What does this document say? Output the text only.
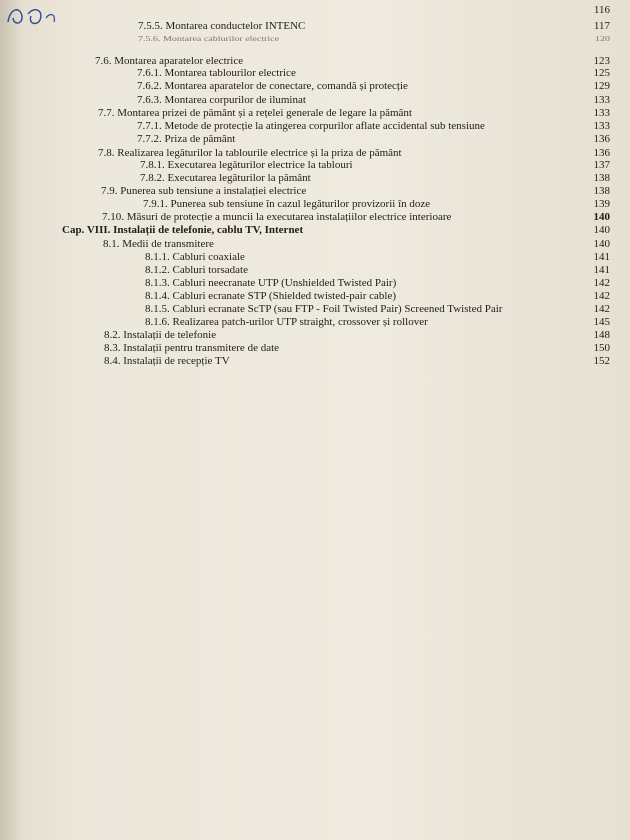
116
7.5.5. Montarea conductelor INTENC	117
7.5.6. Montarea cablurilor electrice	120
7.6. Montarea aparatelor electrice	123
7.6.1. Montarea tablourilor electrice	125
7.6.2. Montarea aparatelor de conectare, comandă și protecție	129
7.6.3. Montarea corpurilor de iluminat	133
7.7. Montarea prizei de pământ și a rețelei generale de legare la pământ	133
7.7.1. Metode de protecție la atingerea corpurilor aflate accidental sub tensiune	133
7.7.2. Priza de pământ	136
7.8. Realizarea legăturilor la tablourile electrice și la priza de pământ	136
7.8.1. Executarea legăturilor electrice la tablouri	137
7.8.2. Executarea legăturilor la pământ	138
7.9. Punerea sub tensiune a instalației electrice	138
7.9.1. Punerea sub tensiune în cazul legăturilor provizorii în doze	139
7.10. Măsuri de protecție a muncii la executarea instalațiilor electrice interioare	140
Cap. VIII. Instalații de telefonie, cablu TV, Internet	140
8.1. Medii de transmitere	140
8.1.1. Cabluri coaxiale	141
8.1.2. Cabluri torsadate	141
8.1.3. Cabluri neecranate UTP (Unshielded Twisted Pair)	142
8.1.4. Cabluri ecranate STP (Shielded twisted-pair cable)	142
8.1.5. Cabluri ecranate ScTP (sau FTP - Foil Twisted Pair) Screened Twisted Pair	142
8.1.6. Realizarea patch-urilor UTP straight, crossover și rollover	145
8.2. Instalații de telefonie	148
8.3. Instalații pentru transmitere de date	150
8.4. Instalații de recepție TV	152
